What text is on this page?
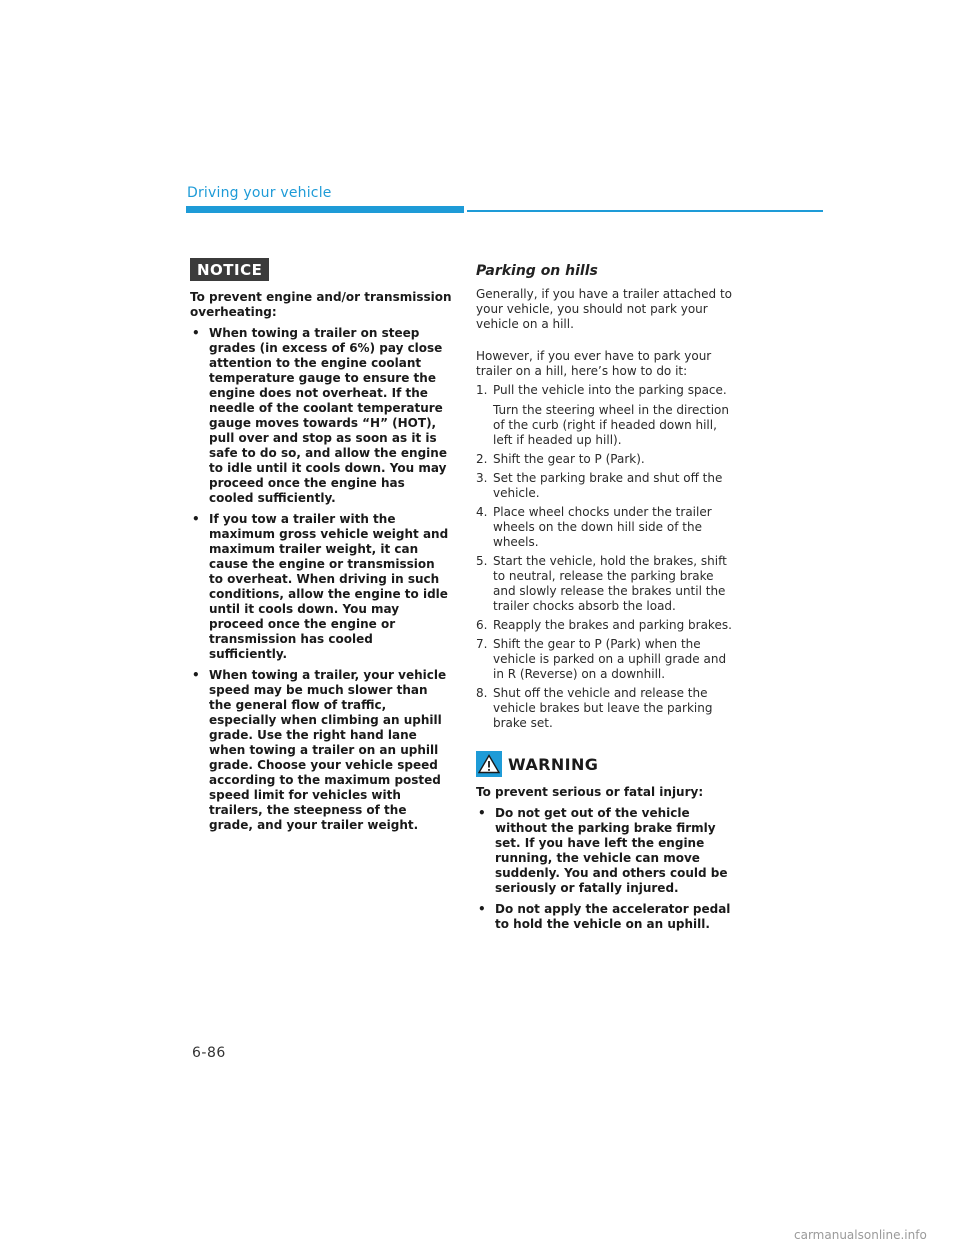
Driving your vehicle
NOTICE

To prevent engine and/or transmission overheating:

• When towing a trailer on steep grades (in excess of 6%) pay close attention to the engine coolant temperature gauge to ensure the engine does not overheat. If the needle of the coolant temperature gauge moves towards “H” (HOT), pull over and stop as soon as it is safe to do so, and allow the engine to idle until it cools down. You may proceed once the engine has cooled sufficiently.
• If you tow a trailer with the maximum gross vehicle weight and maximum trailer weight, it can cause the engine or transmission to overheat. When driving in such conditions, allow the engine to idle until it cools down. You may proceed once the engine or transmission has cooled sufficiently.
• When towing a trailer, your vehicle speed may be much slower than the general flow of traffic, especially when climbing an uphill grade. Use the right hand lane when towing a trailer on an uphill grade. Choose your vehicle speed according to the maximum posted speed limit for vehicles with trailers, the steepness of the grade, and your trailer weight.
Parking on hills

Generally, if you have a trailer attached to your vehicle, you should not park your vehicle on a hill.

However, if you ever have to park your trailer on a hill, here’s how to do it:

1. Pull the vehicle into the parking space.
Turn the steering wheel in the direction of the curb (right if headed down hill, left if headed up hill).
2. Shift the gear to P (Park).
3. Set the parking brake and shut off the vehicle.
4. Place wheel chocks under the trailer wheels on the down hill side of the wheels.
5. Start the vehicle, hold the brakes, shift to neutral, release the parking brake and slowly release the brakes until the trailer chocks absorb the load.
6. Reapply the brakes and parking brakes.
7. Shift the gear to P (Park) when the vehicle is parked on a uphill grade and in R (Reverse) on a downhill.
8. Shut off the vehicle and release the vehicle brakes but leave the parking brake set.
WARNING

To prevent serious or fatal injury:

• Do not get out of the vehicle without the parking brake firmly set. If you have left the engine running, the vehicle can move suddenly. You and others could be seriously or fatally injured.
• Do not apply the accelerator pedal to hold the vehicle on an uphill.
6-86
carmanualsonline.info
